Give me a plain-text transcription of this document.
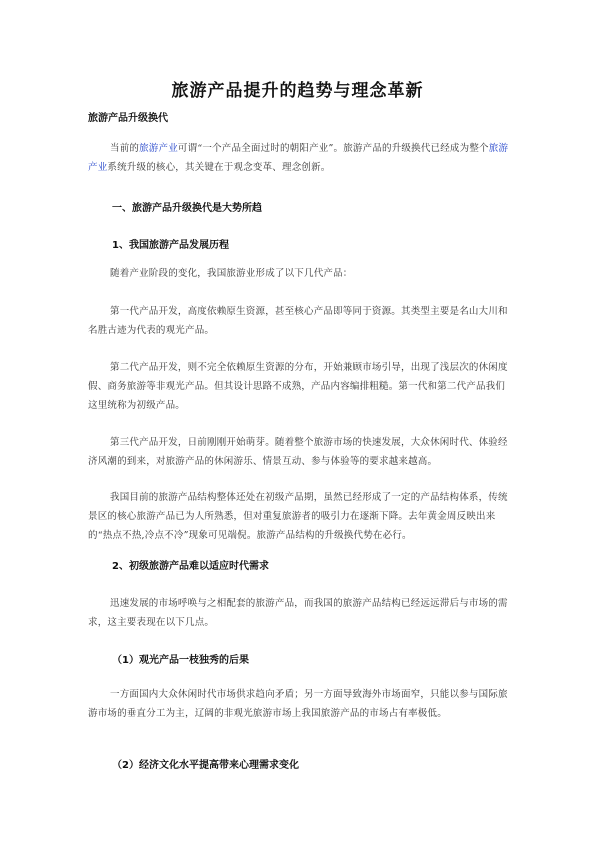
旅游产品提升的趋势与理念革新
旅游产品升级换代
当前的旅游产业可谓“一个产品全面过时的朝阳产业”。旅游产品的升级换代已经成为整个旅游产业系统升级的核心，其关键在于观念变革、理念创新。
一、旅游产品升级换代是大势所趋
1、我国旅游产品发展历程
随着产业阶段的变化，我国旅游业形成了以下几代产品：
第一代产品开发，高度依赖原生资源，甚至核心产品即等同于资源。其类型主要是名山大川和名胜古迹为代表的观光产品。
第二代产品开发，则不完全依赖原生资源的分布，开始兼顾市场引导，出现了浅层次的休闲度假、商务旅游等非观光产品。但其设计思路不成熟，产品内容编排粗糙。第一代和第二代产品我们这里统称为初级产品。
第三代产品开发，日前刚刚开始萌芽。随着整个旅游市场的快速发展，大众休闲时代、体验经济风潮的到来，对旅游产品的休闲游乐、情景互动、参与体验等的要求越来越高。
我国目前的旅游产品结构整体还处在初级产品期，虽然已经形成了一定的产品结构体系，传统景区的核心旅游产品已为人所熟悉，但对重复旅游者的吸引力在逐渐下降。去年黄金周反映出来的“热点不热,冷点不冷”现象可见端倪。旅游产品结构的升级换代势在必行。
2、初级旅游产品难以适应时代需求
迅速发展的市场呼唤与之相配套的旅游产品，而我国的旅游产品结构已经远远滞后与市场的需求，这主要表现在以下几点。
（1）观光产品一枝独秀的后果
一方面国内大众休闲时代市场供求趋向矛盾；另一方面导致海外市场面窄，只能以参与国际旅游市场的垂直分工为主，辽阔的非观光旅游市场上我国旅游产品的市场占有率极低。
（2）经济文化水平提高带来心理需求变化
